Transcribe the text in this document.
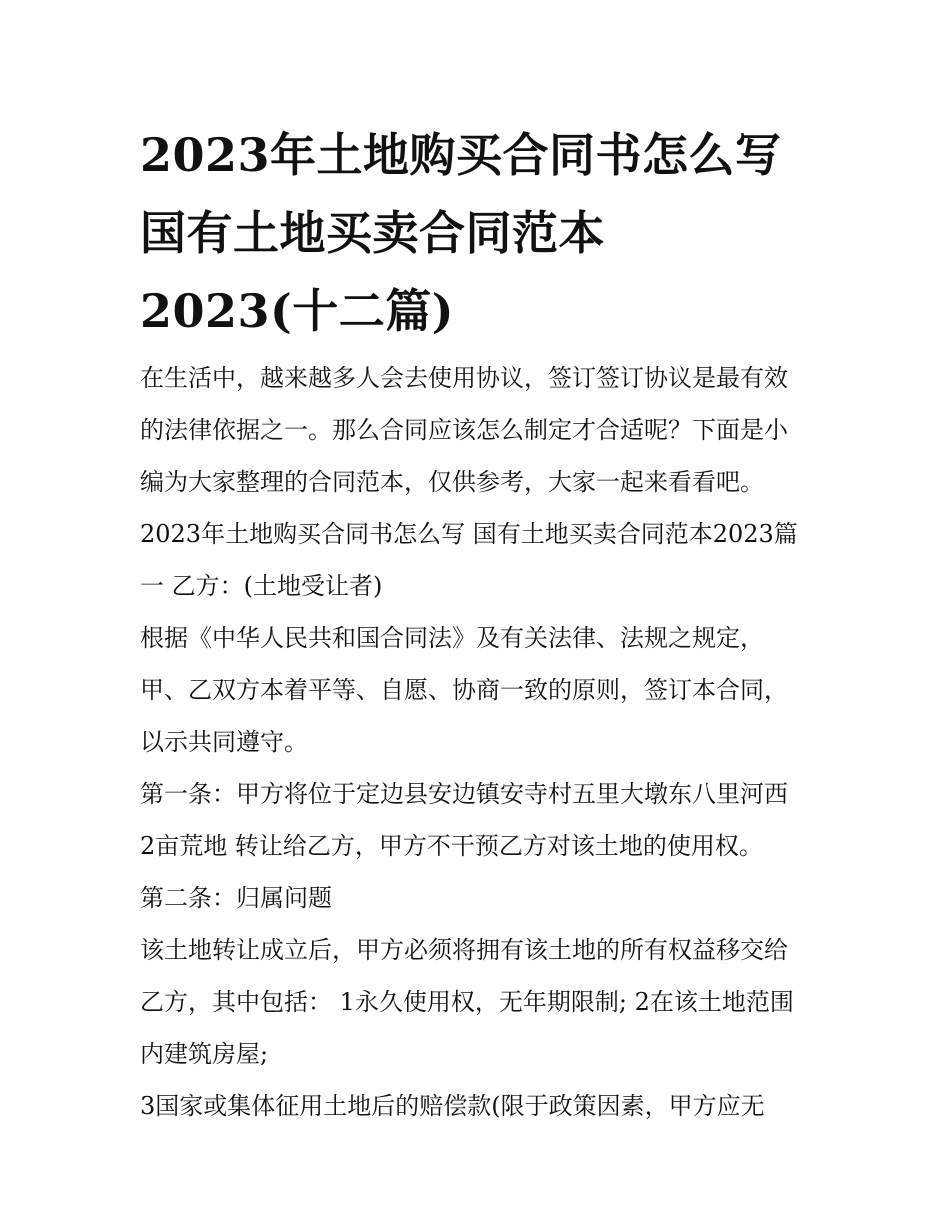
2023年土地购买合同书怎么写
国有土地买卖合同范本
2023(十二篇)
在生活中，越来越多人会去使用协议，签订签订协议是最有效
的法律依据之一。那么合同应该怎么制定才合适呢？下面是小
编为大家整理的合同范本，仅供参考，大家一起来看看吧。
2023年土地购买合同书怎么写 国有土地买卖合同范本2023篇
一 乙方：(土地受让者)
根据《中华人民共和国合同法》及有关法律、法规之规定，
甲、乙双方本着平等、自愿、协商一致的原则，签订本合同，
以示共同遵守。
第一条：甲方将位于定边县安边镇安寺村五里大墩东八里河西
2亩荒地 转让给乙方，甲方不干预乙方对该土地的使用权。
第二条：归属问题
该土地转让成立后，甲方必须将拥有该土地的所有权益移交给
乙方，其中包括： 1永久使用权，无年期限制; 2在该土地范围
内建筑房屋;
3国家或集体征用土地后的赔偿款(限于政策因素，甲方应无
